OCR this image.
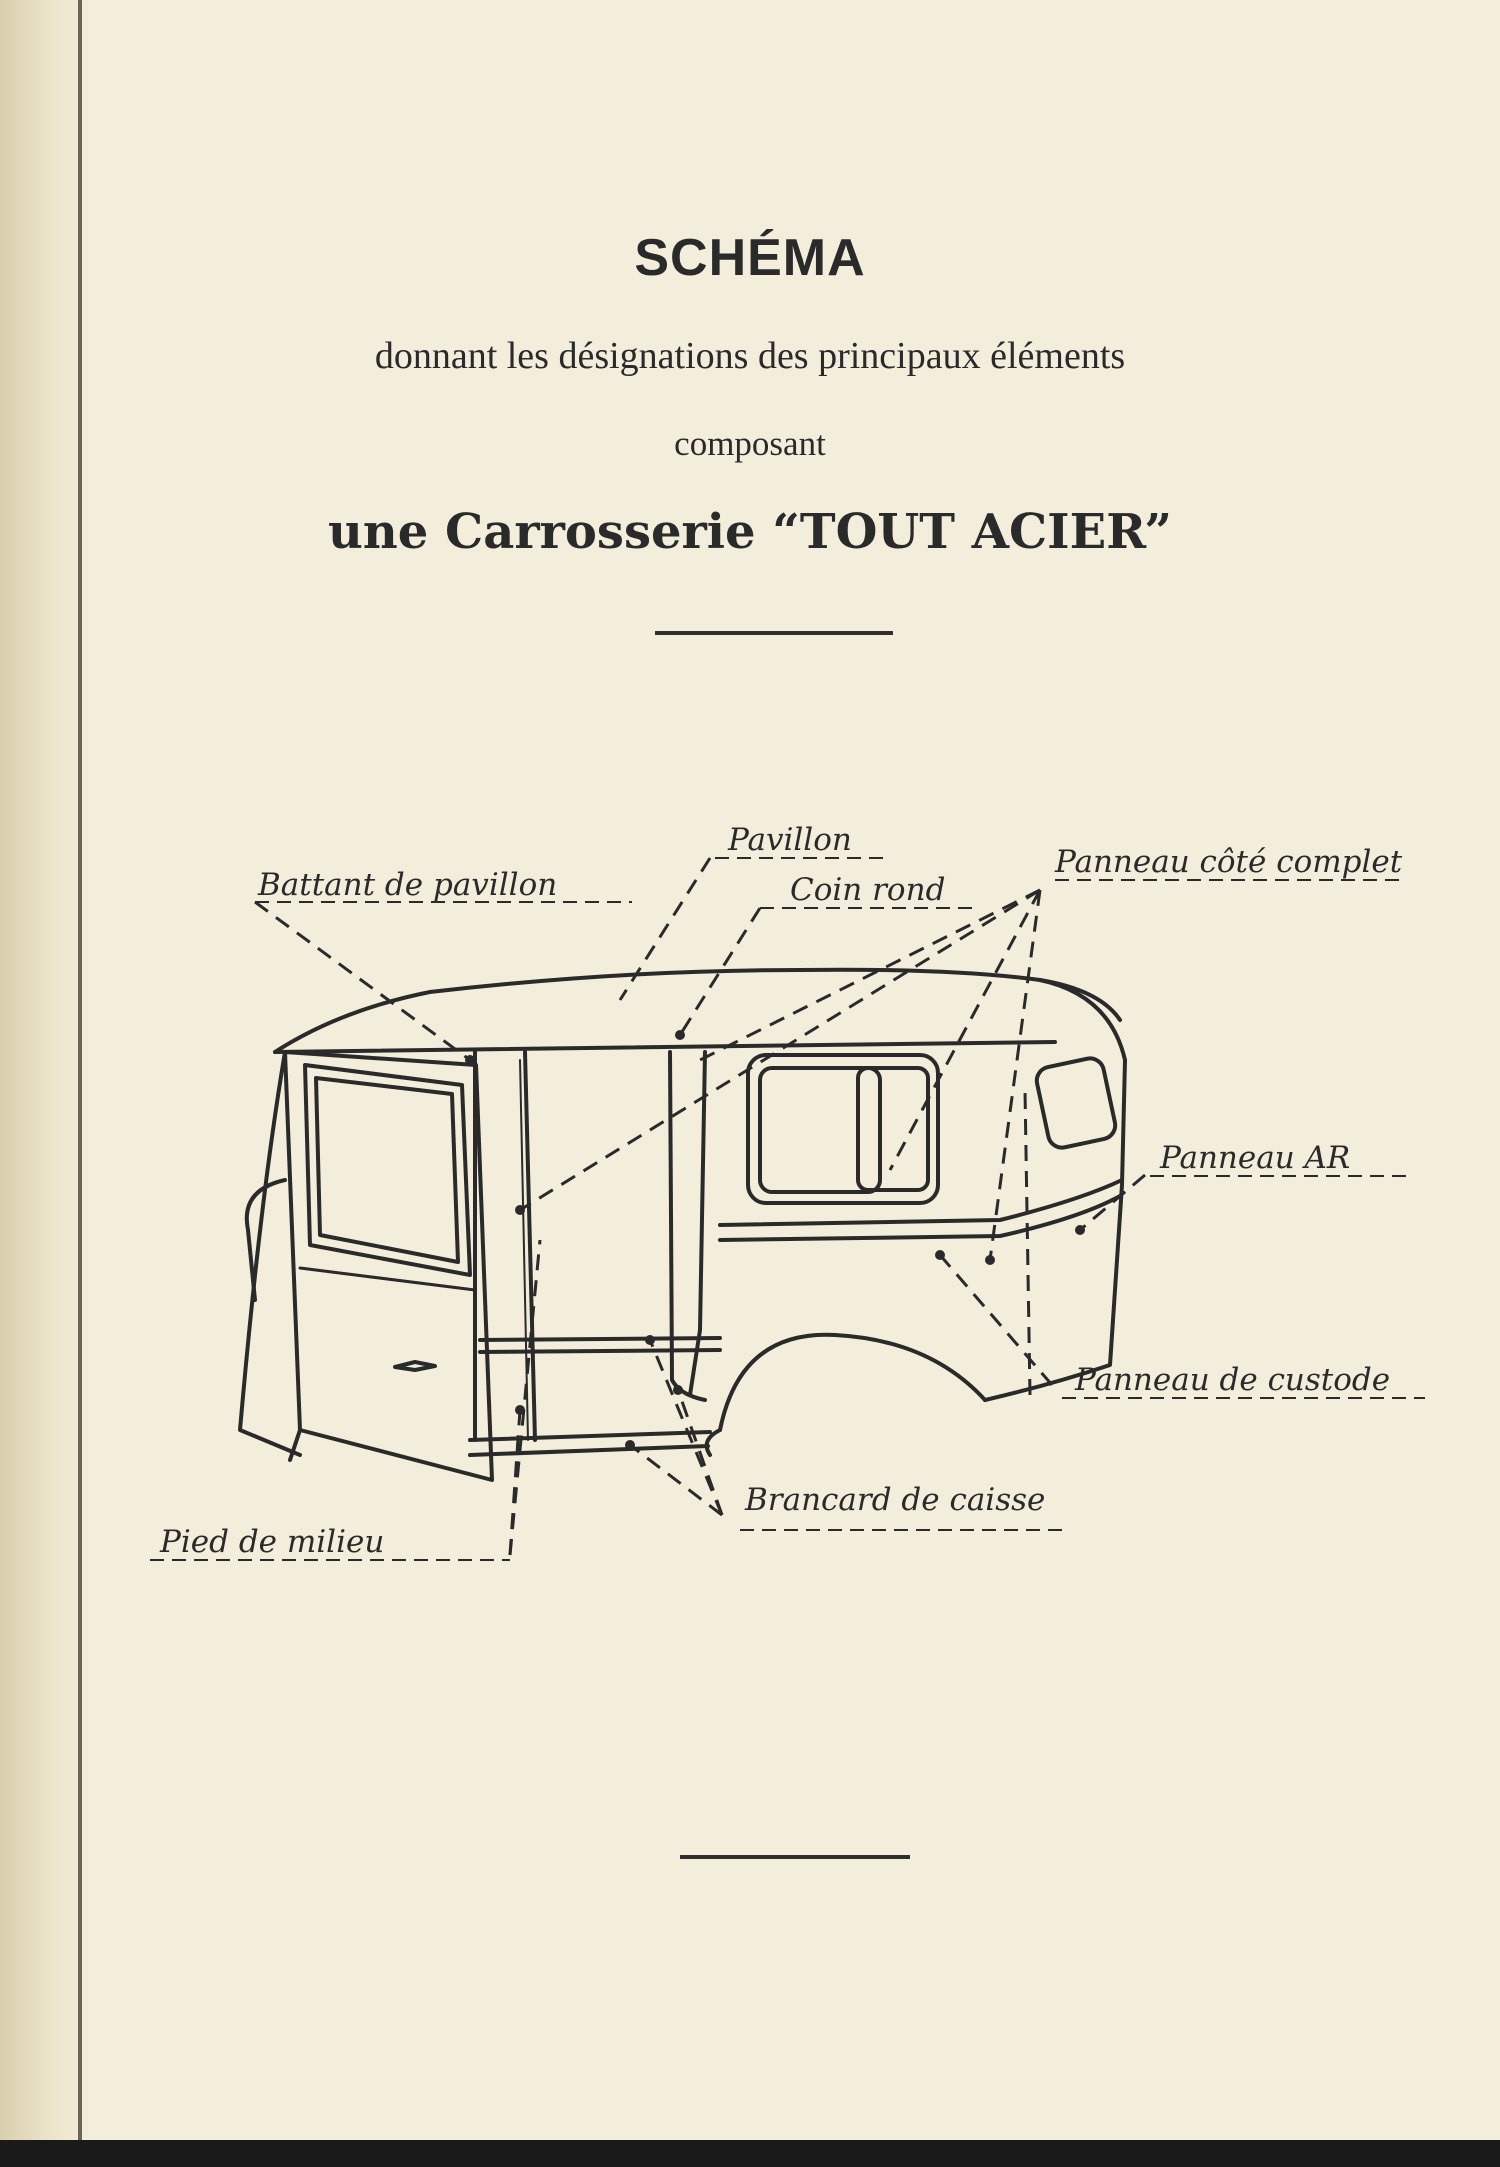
SCHÉMA

donnant les désignations des principaux éléments

composant

une Carrosserie “TOUT ACIER”

Battant de pavillon
Pavillon
Coin rond
Panneau côté complet
Panneau AR
Panneau de custode
Brancard de caisse
Pied de milieu
